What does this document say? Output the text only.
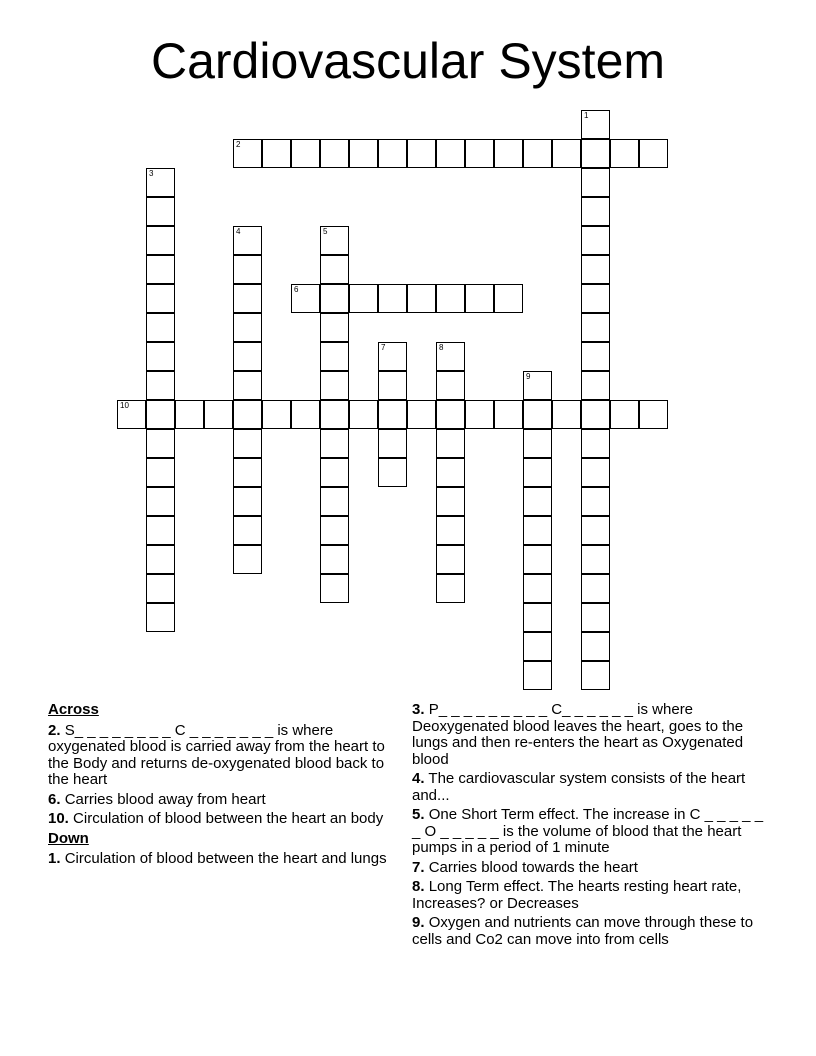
Cardiovascular System
1
2
3
4	5
6
7	8
9
10
Across
2. S_ _ _ _ _ _ _ _ C _ _ _ _ _ _ _ is where oxygenated blood is carried away from the heart to the Body and returns de-oxygenated blood back to the heart
6. Carries blood away from heart
10. Circulation of blood between the heart an body
Down
1. Circulation of blood between the heart and lungs
3. P_ _ _ _ _ _ _ _ _ C_ _ _ _ _ _ is where Deoxygenated blood leaves the heart, goes to the lungs and then re-enters the heart as Oxygenated blood
4. The cardiovascular system consists of the heart and...
5. One Short Term effect. The increase in C _ _ _ _ _ _ O _ _ _ _ _ is the volume of blood that the heart pumps in a period of 1 minute
7. Carries blood towards the heart
8. Long Term effect. The hearts resting heart rate, Increases? or Decreases
9. Oxygen and nutrients can move through these to cells and Co2 can move into from cells
